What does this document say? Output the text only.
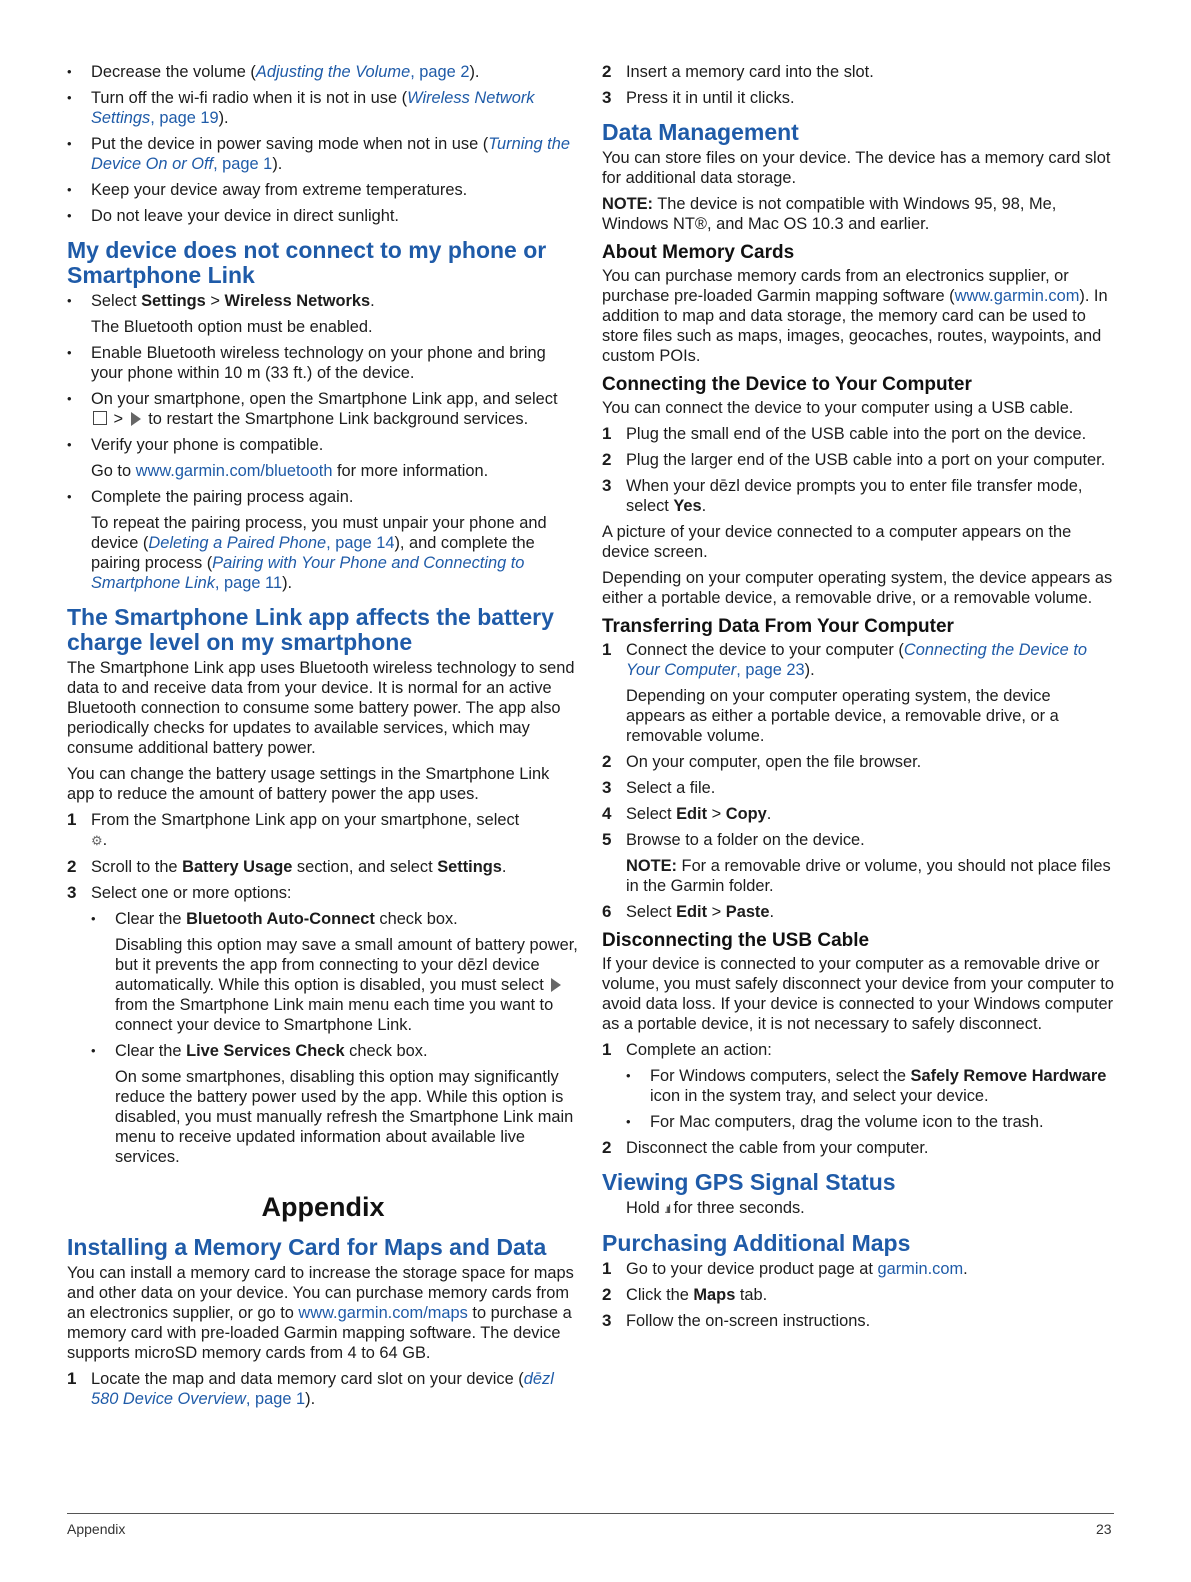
• Decrease the volume (Adjusting the Volume, page 2).
• Turn off the wi-fi radio when it is not in use (Wireless Network Settings, page 19).
• Put the device in power saving mode when not in use (Turning the Device On or Off, page 1).
• Keep your device away from extreme temperatures.
• Do not leave your device in direct sunlight.
My device does not connect to my phone or Smartphone Link
• Select Settings > Wireless Networks.

The Bluetooth option must be enabled.

• Enable Bluetooth wireless technology on your phone and bring your phone within 10 m (33 ft.) of the device.
• On your smartphone, open the Smartphone Link app, and select  >  to restart the Smartphone Link background services.
• Verify your phone is compatible.

Go to www.garmin.com/bluetooth for more information.

• Complete the pairing process again.

To repeat the pairing process, you must unpair your phone and device (Deleting a Paired Phone, page 14), and complete the pairing process (Pairing with Your Phone and Connecting to Smartphone Link, page 11).

The Smartphone Link app affects the battery charge level on my smartphone

The Smartphone Link app uses Bluetooth wireless technology to send data to and receive data from your device. It is normal for an active Bluetooth connection to consume some battery power. The app also periodically checks for updates to available services, which may consume additional battery power.

You can change the battery usage settings in the Smartphone Link app to reduce the amount of battery power the app uses.

1 From the Smartphone Link app on your smartphone, select
⚙.
2 Scroll to the Battery Usage section, and select Settings.
3 Select one or more options:
• Clear the Bluetooth Auto-Connect check box.

Disabling this option may save a small amount of battery power, but it prevents the app from connecting to your dēzl device automatically. While this option is disabled, you must select  from the Smartphone Link main menu each time you want to connect your device to Smartphone Link.

• Clear the Live Services Check check box.

On some smartphones, disabling this option may significantly reduce the battery power used by the app. While this option is disabled, you must manually refresh the Smartphone Link main menu to receive updated information about available live services.

Appendix
Installing a Memory Card for Maps and Data

You can install a memory card to increase the storage space for maps and other data on your device. You can purchase memory cards from an electronics supplier, or go to www.garmin.com/maps to purchase a memory card with pre-loaded Garmin mapping software. The device supports microSD memory cards from 4 to 64 GB.

1 Locate the map and data memory card slot on your device (dēzl 580 Device Overview, page 1).
2 Insert a memory card into the slot.
3 Press it in until it clicks.
Data Management

You can store files on your device. The device has a memory card slot for additional data storage.

NOTE: The device is not compatible with Windows 95, 98, Me, Windows NT®, and Mac OS 10.3 and earlier.

About Memory Cards

You can purchase memory cards from an electronics supplier, or purchase pre-loaded Garmin mapping software (www.garmin.com). In addition to map and data storage, the memory card can be used to store files such as maps, images, geocaches, routes, waypoints, and custom POIs.

Connecting the Device to Your Computer

You can connect the device to your computer using a USB cable.

1 Plug the small end of the USB cable into the port on the device.
2 Plug the larger end of the USB cable into a port on your computer.
3 When your dēzl device prompts you to enter file transfer mode, select Yes.

A picture of your device connected to a computer appears on the device screen.

Depending on your computer operating system, the device appears as either a portable device, a removable drive, or a removable volume.

Transferring Data From Your Computer
1 Connect the device to your computer (Connecting the Device to Your Computer, page 23).

Depending on your computer operating system, the device appears as either a portable device, a removable drive, or a removable volume.

2 On your computer, open the file browser.
3 Select a file.
4 Select Edit > Copy.
5 Browse to a folder on the device.

NOTE: For a removable drive or volume, you should not place files in the Garmin folder.

6 Select Edit > Paste.
Disconnecting the USB Cable

If your device is connected to your computer as a removable drive or volume, you must safely disconnect your device from your computer to avoid data loss. If your device is connected to your Windows computer as a portable device, it is not necessary to safely disconnect.

1 Complete an action:
• For Windows computers, select the Safely Remove Hardware icon in the system tray, and select your device.
• For Mac computers, drag the volume icon to the trash.
2 Disconnect the cable from your computer.
Viewing GPS Signal Status

Hold .ııl for three seconds.

Purchasing Additional Maps
1 Go to your device product page at garmin.com.
2 Click the Maps tab.
3 Follow the on-screen instructions.
Appendix	23
